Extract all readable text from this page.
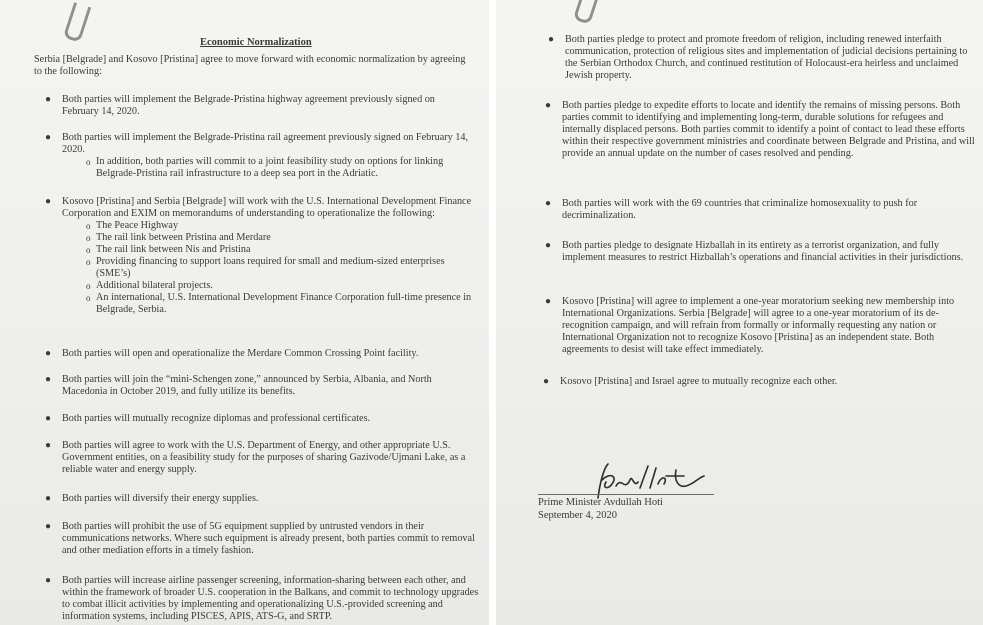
Economic Normalization
Serbia [Belgrade] and Kosovo [Pristina] agree to move forward with economic normalization by agreeing to the following:
● Both parties will implement the Belgrade-Pristina highway agreement previously signed on February 14, 2020.
● Both parties will implement the Belgrade-Pristina rail agreement previously signed on February 14, 2020.
o In addition, both parties will commit to a joint feasibility study on options for linking Belgrade-Pristina rail infrastructure to a deep sea port in the Adriatic.
● Kosovo [Pristina] and Serbia [Belgrade] will work with the U.S. International Development Finance Corporation and EXIM on memorandums of understanding to operationalize the following:
o The Peace Highway
o The rail link between Pristina and Merdare
o The rail link between Nis and Pristina
o Providing financing to support loans required for small and medium-sized enterprises (SME’s)
o Additional bilateral projects.
o An international, U.S. International Development Finance Corporation full-time presence in Belgrade, Serbia.
● Both parties will open and operationalize the Merdare Common Crossing Point facility.
● Both parties will join the “mini-Schengen zone,” announced by Serbia, Albania, and North Macedonia in October 2019, and fully utilize its benefits.
● Both parties will mutually recognize diplomas and professional certificates.
● Both parties will agree to work with the U.S. Department of Energy, and other appropriate U.S. Government entities, on a feasibility study for the purposes of sharing Gazivode/Ujmani Lake, as a reliable water and energy supply.
● Both parties will diversify their energy supplies.
● Both parties will prohibit the use of 5G equipment supplied by untrusted vendors in their communications networks. Where such equipment is already present, both parties commit to removal and other mediation efforts in a timely fashion.
● Both parties will increase airline passenger screening, information-sharing between each other, and within the framework of broader U.S. cooperation in the Balkans, and commit to technology upgrades to combat illicit activities by implementing and operationalizing U.S.-provided screening and information systems, including PISCES, APIS, ATS-G, and SRTP.
● Both parties pledge to protect and promote freedom of religion, including renewed interfaith communication, protection of religious sites and implementation of judicial decisions pertaining to the Serbian Orthodox Church, and continued restitution of Holocaust-era heirless and unclaimed Jewish property.
● Both parties pledge to expedite efforts to locate and identify the remains of missing persons. Both parties commit to identifying and implementing long-term, durable solutions for refugees and internally displaced persons. Both parties commit to identify a point of contact to lead these efforts within their respective government ministries and coordinate between Belgrade and Pristina, and will provide an annual update on the number of cases resolved and pending.
● Both parties will work with the 69 countries that criminalize homosexuality to push for decriminalization.
● Both parties pledge to designate Hizballah in its entirety as a terrorist organization, and fully implement measures to restrict Hizballah’s operations and financial activities in their jurisdictions.
● Kosovo [Pristina] will agree to implement a one-year moratorium seeking new membership into International Organizations. Serbia [Belgrade] will agree to a one-year moratorium of its de-recognition campaign, and will refrain from formally or informally requesting any nation or International Organization not to recognize Kosovo [Pristina] as an independent state. Both agreements to desist will take effect immediately.
● Kosovo [Pristina] and Israel agree to mutually recognize each other.
Prime Minister Avdullah Hoti
September 4, 2020
